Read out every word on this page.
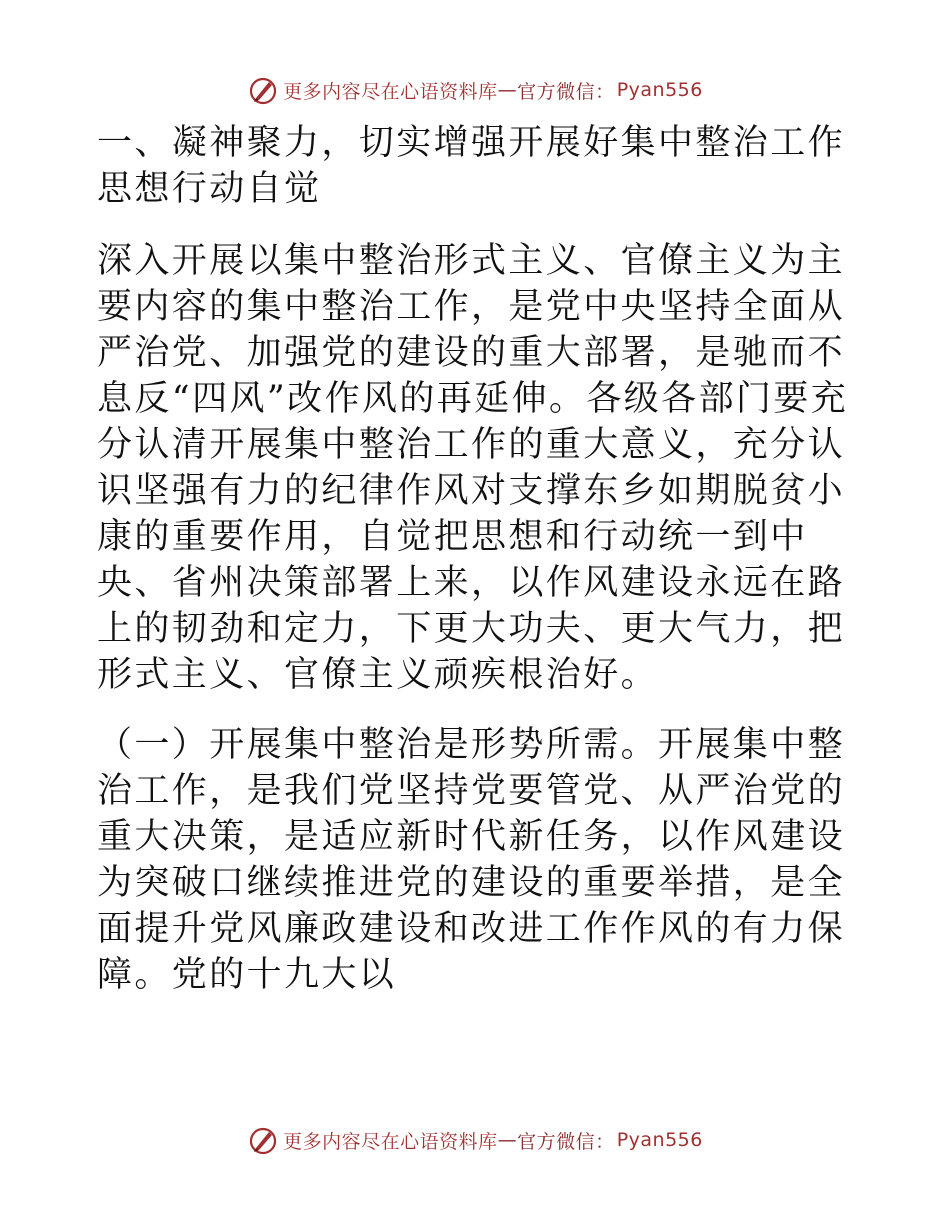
更多内容尽在心语资料库 — 官方微信： Pyan556

一、凝神聚力，切实增强开展好集中整治工作思想行动自觉

深入开展以集中整治形式主义、官僚主义为主要内容的集中整治工作，是党中央坚持全面从严治党、加强党的建设的重大部署，是驰而不息反“四风”改作风的再延伸。各级各部门要充分认清开展集中整治工作的重大意义，充分认识坚强有力的纪律作风对支撑东乡如期脱贫小康的重要作用，自觉把思想和行动统一到中央、省州决策部署上来，以作风建设永远在路上的韧劲和定力，下更大功夫、更大气力，把形式主义、官僚主义顽疾根治好。

（一）开展集中整治是形势所需。开展集中整治工作，是我们党坚持党要管党、从严治党的重大决策，是适应新时代新任务，以作风建设为突破口继续推进党的建设的重要举措，是全面提升党风廉政建设和改进工作作风的有力保障。党的十九大以

更多内容尽在心语资料库 — 官方微信： Pyan556
